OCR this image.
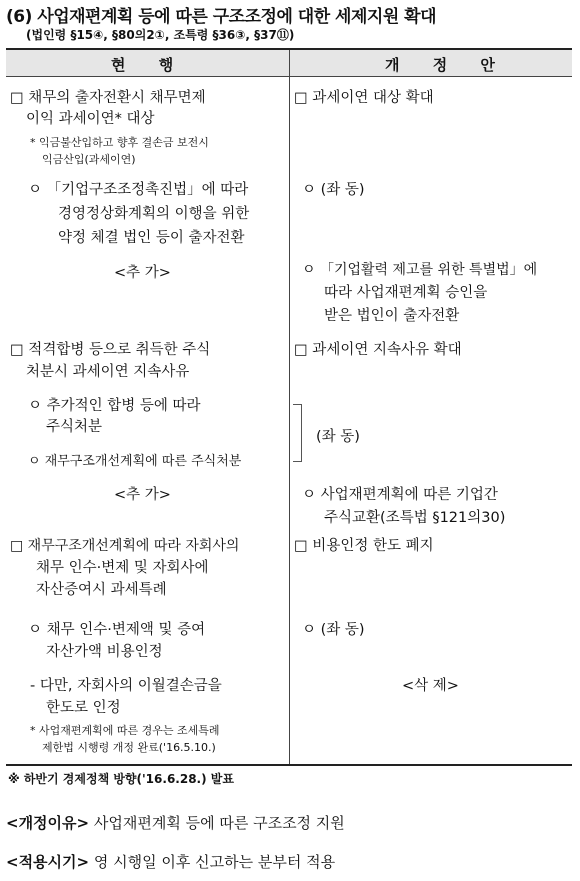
(6) 사업재편계획 등에 따른 구조조정에 대한 세제지원 확대
(법인령 §15④, §80의2①, 조특령 §36③, §37⑪)
현 행	개 정 안
□ 채무의 출자전환시 채무면제
이익 과세이연* 대상
* 익금불산입하고 향후 결손금 보전시
익금산입(과세이연)
ㅇ 「기업구조조정촉진법」에 따라
경영정상화계획의 이행을 위한
약정 체결 법인 등이 출자전환
<추 가>
□ 적격합병 등으로 취득한 주식
처분시 과세이연 지속사유
ㅇ 추가적인 합병 등에 따라
주식처분
ㅇ 재무구조개선계획에 따른 주식처분
<추 가>
□ 재무구조개선계획에 따라 자회사의
채무 인수·변제 및 자회사에
자산증여시 과세특례
ㅇ 채무 인수·변제액 및 증여
자산가액 비용인정
- 다만, 자회사의 이월결손금을
한도로 인정
* 사업재편계획에 따른 경우는 조세특례
제한법 시행령 개정 완료('16.5.10.)
□ 과세이연 대상 확대
ㅇ (좌 동)
ㅇ 「기업활력 제고를 위한 특별법」에
따라 사업재편계획 승인을
받은 법인이 출자전환
□ 과세이연 지속사유 확대
(좌 동)
ㅇ 사업재편계획에 따른 기업간
주식교환(조특법 §121의30)
□ 비용인정 한도 폐지
ㅇ (좌 동)
<삭 제>
※ 하반기 경제정책 방향('16.6.28.) 발표
<개정이유> 사업재편계획 등에 따른 구조조정 지원
<적용시기> 영 시행일 이후 신고하는 분부터 적용
